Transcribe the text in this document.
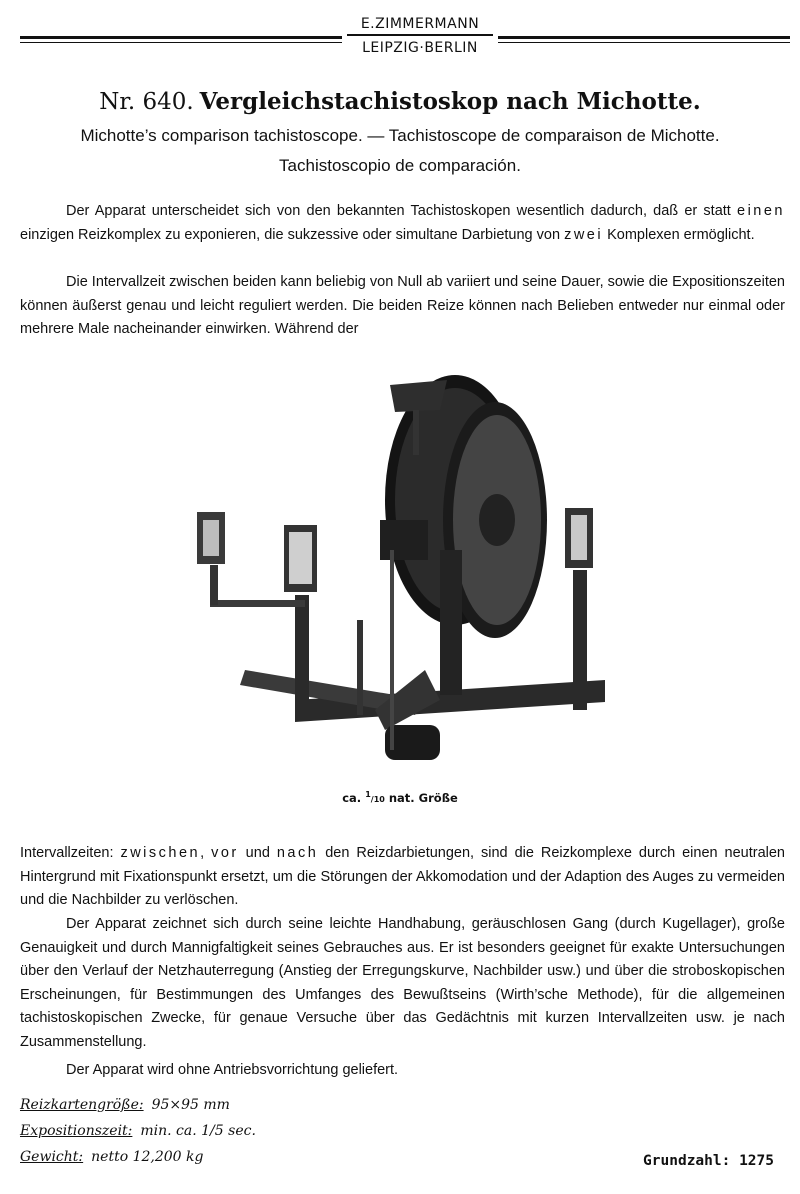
E.ZIMMERMANN
LEIPZIG·BERLIN
Nr. 640. Vergleichstachistoskop nach Michotte.
Michotte’s comparison tachistoscope. — Tachistoscope de comparaison de Michotte.
Tachistoscopio de comparación.
Der Apparat unterscheidet sich von den bekannten Tachistoskopen wesentlich dadurch, daß er statt einen einzigen Reizkomplex zu exponieren, die sukzessive oder simultane Darbietung von zwei Komplexen ermöglicht.
Die Intervallzeit zwischen beiden kann beliebig von Null ab variiert und seine Dauer, sowie die Expositionszeiten können äußerst genau und leicht reguliert werden. Die beiden Reize können nach Belieben entweder nur einmal oder mehrere Male nacheinander einwirken. Während der
ca. $^1$/10 nat. Größe
Intervallzeiten: zwischen, vor und nach den Reizdarbietungen, sind die Reizkomplexe durch einen neutralen Hintergrund mit Fixationspunkt ersetzt, um die Störungen der Akkomodation und der Adaption des Auges zu vermeiden und die Nachbilder zu verlöschen.
Der Apparat zeichnet sich durch seine leichte Handhabung, geräuschlosen Gang (durch Kugellager), große Genauigkeit und durch Mannigfaltigkeit seines Gebrauches aus. Er ist besonders geeignet für exakte Untersuchungen über den Verlauf der Netzhauterregung (Anstieg der Erregungskurve, Nachbilder usw.) und über die stroboskopischen Erscheinungen, für Bestimmungen des Umfanges des Bewußtseins (Wirth’sche Methode), für die allgemeinen tachistoskopischen Zwecke, für genaue Versuche über das Gedächtnis mit kurzen Intervallzeiten usw. je nach Zusammenstellung.
Der Apparat wird ohne Antriebsvorrichtung geliefert.
Reizkartengröße: 95×95 mm
Expositionszeit: min. ca. 1/5 sec.
Gewicht: netto 12,200 kg	Grundzahl: 1275
